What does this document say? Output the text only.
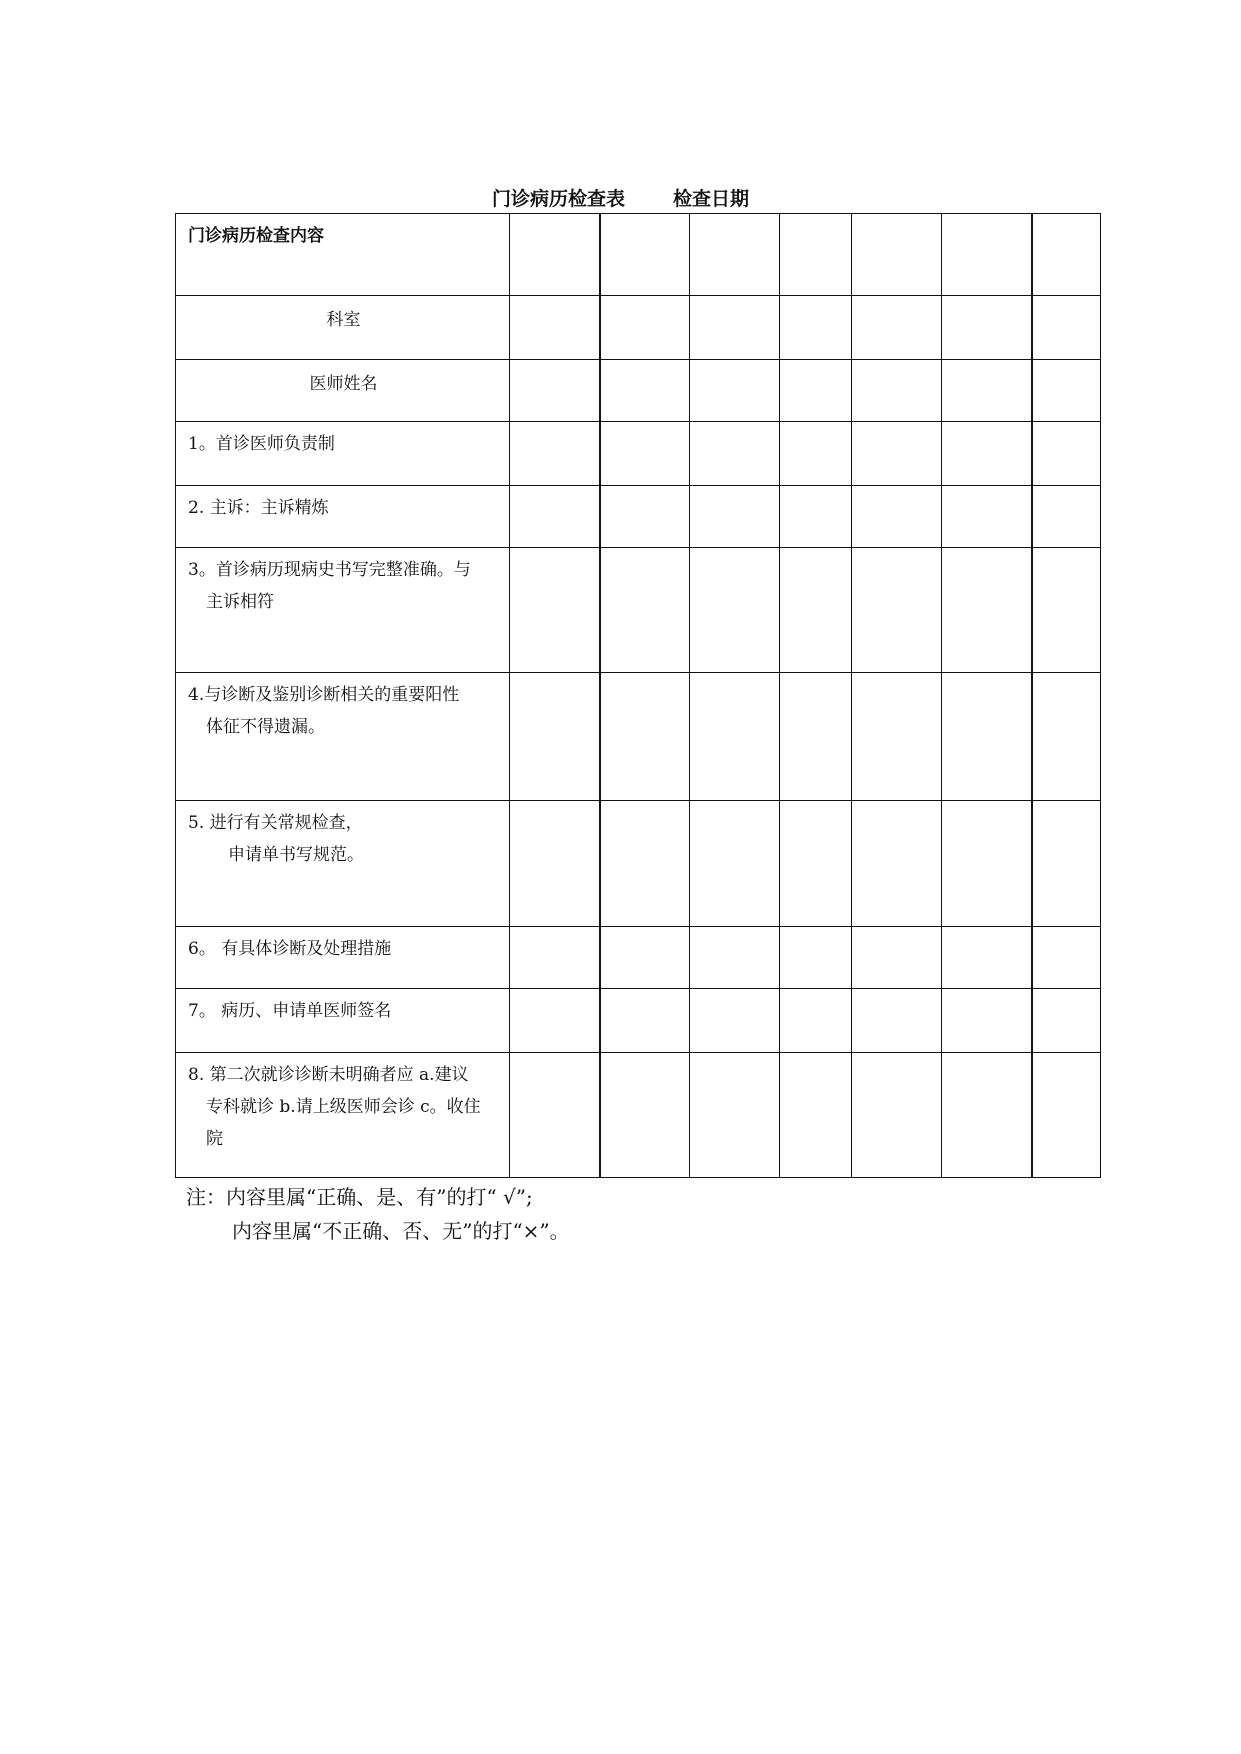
门诊病历检查表	检查日期
门诊病历检查内容							
科室							
医师姓名							
1。首诊医师负责制							
2. 主诉：主诉精炼							
3。首诊病历现病史书写完整准确。与
主诉相符							

4.与诊断及鉴别诊断相关的重要阳性
体征不得遗漏。							

5. 进行有关常规检查，
申请单书写规范。							

6。 有具体诊断及处理措施							
7。 病历、申请单医师签名							
8. 第二次就诊诊断未明确者应 a.建议
专科就诊 b.请上级医师会诊 c。收住
院							

注：内容里属“正确、是、有”的打“ √”;
内容里属“不正确、否、无”的打“×”。
